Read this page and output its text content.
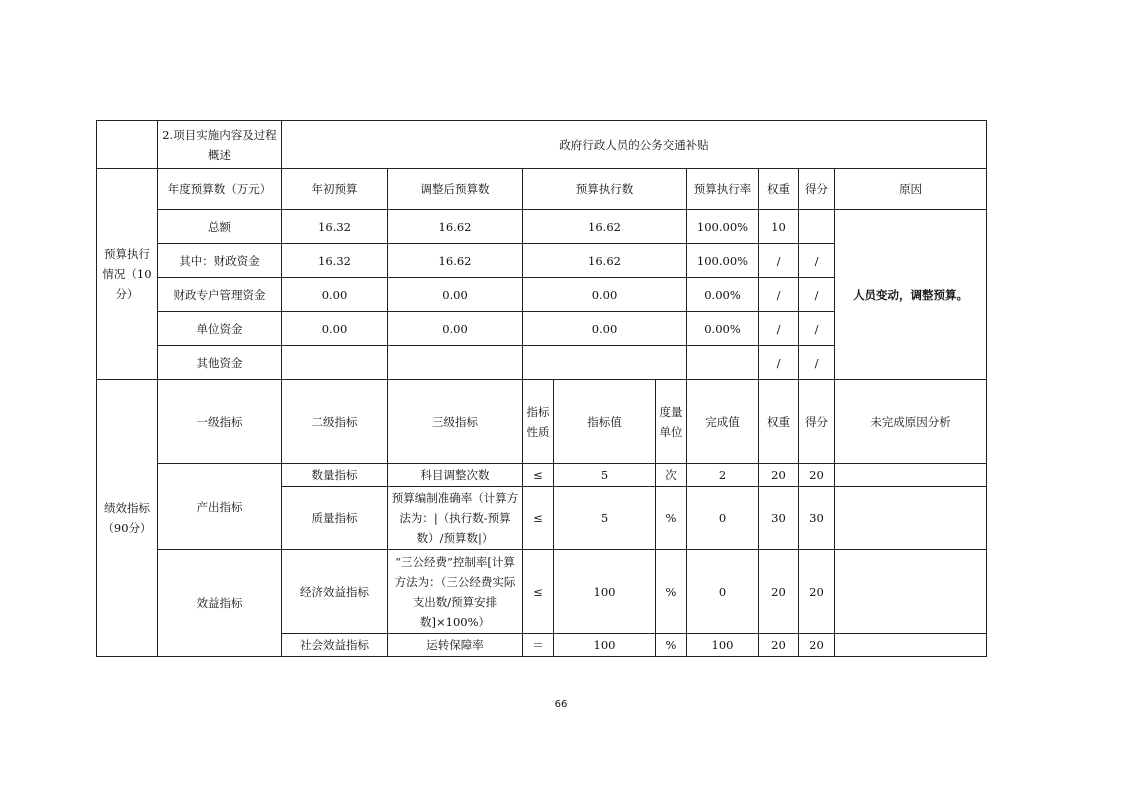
	2.项目实施内容及过程概述	政府行政人员的公务交通补贴								
预算执行情况（10分）	年度预算数（万元）	年初预算	调整后预算数	预算执行数			预算执行率	权重	得分	原因
	总额	16.32	16.62	16.62			100.00%	10		人员变动，调整预算。
	其中：财政资金	16.32	16.62	16.62			100.00%	/	/	
	财政专户管理资金	0.00	0.00	0.00			0.00%	/	/	
	单位资金	0.00	0.00	0.00			0.00%	/	/	
	其他资金							/	/	
绩效指标（90分）	一级指标	二级指标	三级指标	指标性质	指标值	度量单位	完成值	权重	得分	未完成原因分析
	产出指标	数量指标	科目调整次数	≤	5	次	2	20	20	
		质量指标	预算编制准确率（计算方法为：|（执行数-预算数）/预算数|）	≤	5	%	0	30	30	
	效益指标	经济效益指标	“三公经费”控制率[计算方法为：（三公经费实际支出数/预算安排数]×100%）	≤	100	%	0	20	20	
		社会效益指标	运转保障率	＝	100	%	100	20	20	
66
